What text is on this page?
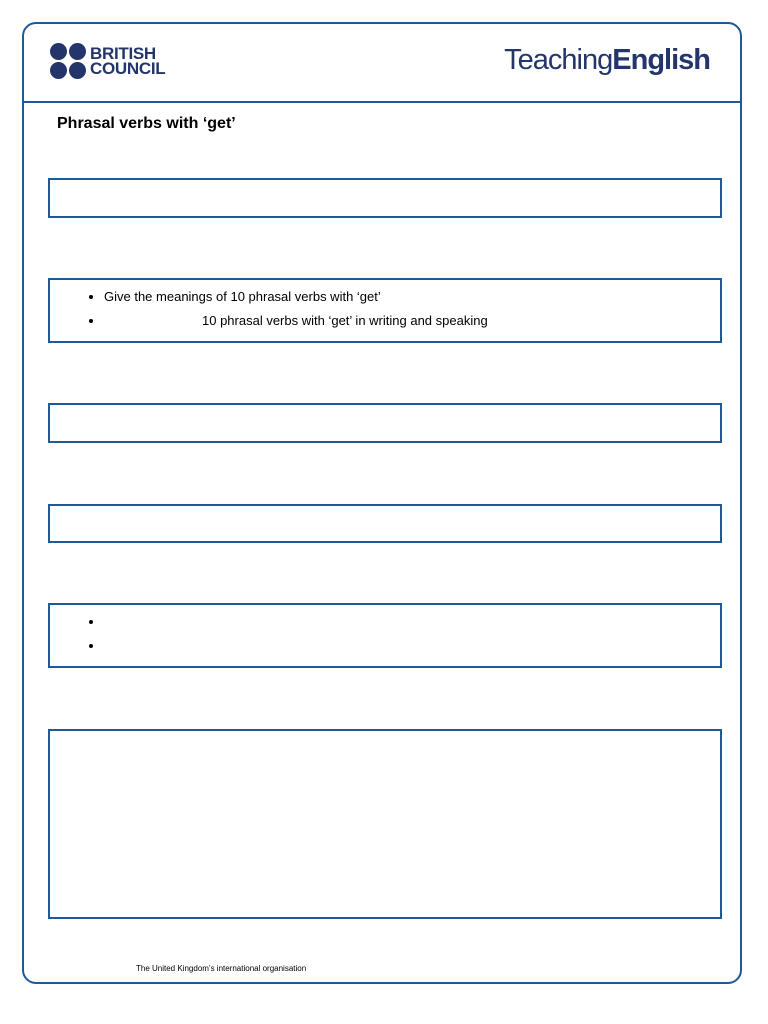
BRITISH
COUNCIL	TeachingEnglish
Phrasal verbs with ‘get’
• Give the meanings of 10 phrasal verbs with ‘get’
• 10 phrasal verbs with ‘get’ in writing and speaking
•
•
The United Kingdom’s international organisation
